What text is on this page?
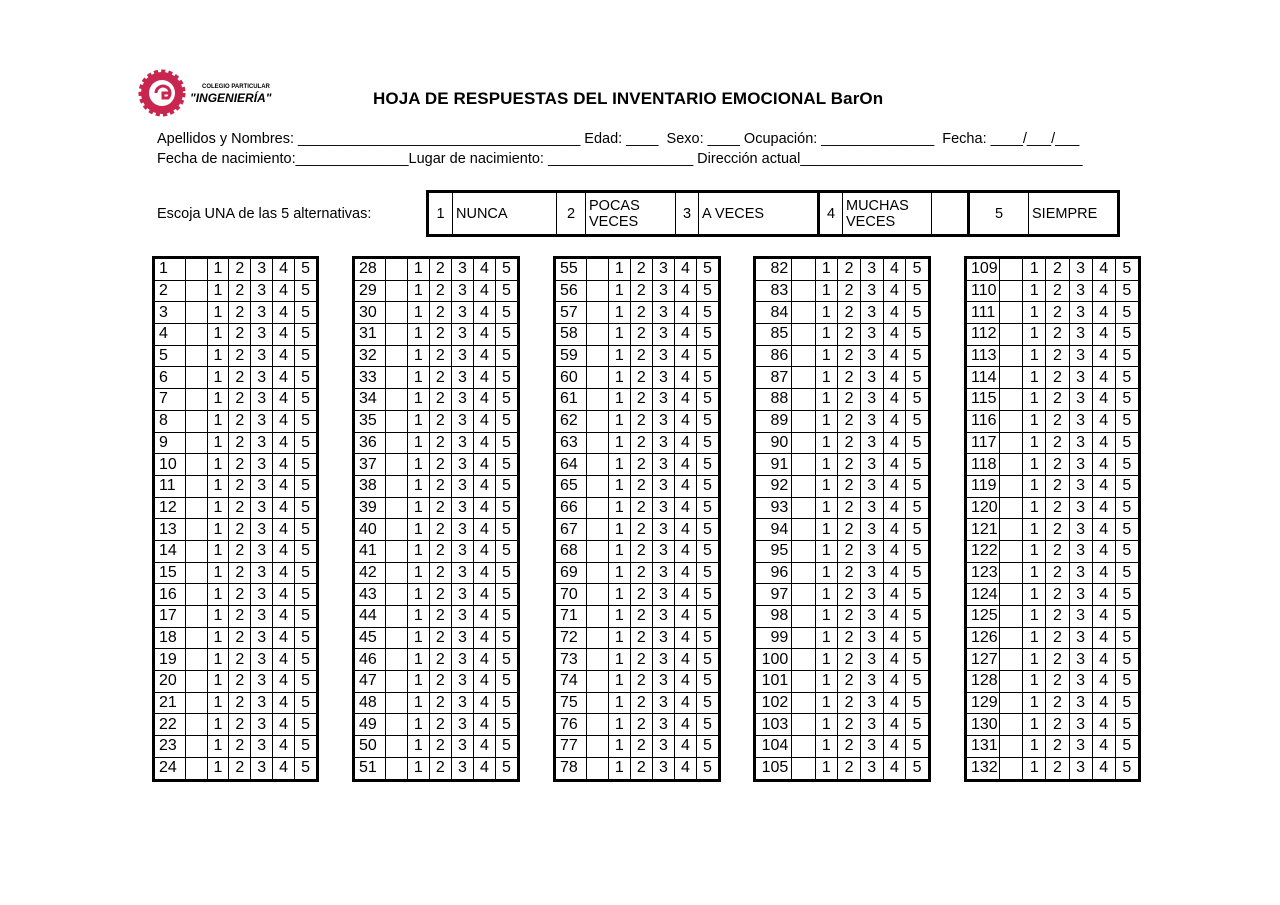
COLEGIO PARTICULAR
"INGENIERÍA"	HOJA DE RESPUESTAS DEL INVENTARIO EMOCIONAL BarOn
Apellidos y Nombres: ___________________________________ Edad: ____  Sexo: ____ Ocupación: ______________  Fecha: ____/___/___
Fecha de nacimiento:______________Lugar de nacimiento: __________________ Dirección actual___________________________________
Escoja UNA de las 5 alternativas:	1	NUNCA	2	POCAS
VECES	3	A VECES	4	MUCHAS
VECES		5	SIEMPRE
1		1	2	3	4	5
2		1	2	3	4	5
3		1	2	3	4	5
4		1	2	3	4	5
5		1	2	3	4	5
6		1	2	3	4	5
7		1	2	3	4	5
8		1	2	3	4	5
9		1	2	3	4	5
10		1	2	3	4	5
11		1	2	3	4	5
12		1	2	3	4	5
13		1	2	3	4	5
14		1	2	3	4	5
15		1	2	3	4	5
16		1	2	3	4	5
17		1	2	3	4	5
18		1	2	3	4	5
19		1	2	3	4	5
20		1	2	3	4	5
21		1	2	3	4	5
22		1	2	3	4	5
23		1	2	3	4	5
24		1	2	3	4	5
28		1	2	3	4	5
29		1	2	3	4	5
30		1	2	3	4	5
31		1	2	3	4	5
32		1	2	3	4	5
33		1	2	3	4	5
34		1	2	3	4	5
35		1	2	3	4	5
36		1	2	3	4	5
37		1	2	3	4	5
38		1	2	3	4	5
39		1	2	3	4	5
40		1	2	3	4	5
41		1	2	3	4	5
42		1	2	3	4	5
43		1	2	3	4	5
44		1	2	3	4	5
45		1	2	3	4	5
46		1	2	3	4	5
47		1	2	3	4	5
48		1	2	3	4	5
49		1	2	3	4	5
50		1	2	3	4	5
51		1	2	3	4	5
55		1	2	3	4	5
56		1	2	3	4	5
57		1	2	3	4	5
58		1	2	3	4	5
59		1	2	3	4	5
60		1	2	3	4	5
61		1	2	3	4	5
62		1	2	3	4	5
63		1	2	3	4	5
64		1	2	3	4	5
65		1	2	3	4	5
66		1	2	3	4	5
67		1	2	3	4	5
68		1	2	3	4	5
69		1	2	3	4	5
70		1	2	3	4	5
71		1	2	3	4	5
72		1	2	3	4	5
73		1	2	3	4	5
74		1	2	3	4	5
75		1	2	3	4	5
76		1	2	3	4	5
77		1	2	3	4	5
78		1	2	3	4	5
82		1	2	3	4	5
83		1	2	3	4	5
84		1	2	3	4	5
85		1	2	3	4	5
86		1	2	3	4	5
87		1	2	3	4	5
88		1	2	3	4	5
89		1	2	3	4	5
90		1	2	3	4	5
91		1	2	3	4	5
92		1	2	3	4	5
93		1	2	3	4	5
94		1	2	3	4	5
95		1	2	3	4	5
96		1	2	3	4	5
97		1	2	3	4	5
98		1	2	3	4	5
99		1	2	3	4	5
100		1	2	3	4	5
101		1	2	3	4	5
102		1	2	3	4	5
103		1	2	3	4	5
104		1	2	3	4	5
105		1	2	3	4	5
109		1	2	3	4	5
110		1	2	3	4	5
111		1	2	3	4	5
112		1	2	3	4	5
113		1	2	3	4	5
114		1	2	3	4	5
115		1	2	3	4	5
116		1	2	3	4	5
117		1	2	3	4	5
118		1	2	3	4	5
119		1	2	3	4	5
120		1	2	3	4	5
121		1	2	3	4	5
122		1	2	3	4	5
123		1	2	3	4	5
124		1	2	3	4	5
125		1	2	3	4	5
126		1	2	3	4	5
127		1	2	3	4	5
128		1	2	3	4	5
129		1	2	3	4	5
130		1	2	3	4	5
131		1	2	3	4	5
132		1	2	3	4	5
